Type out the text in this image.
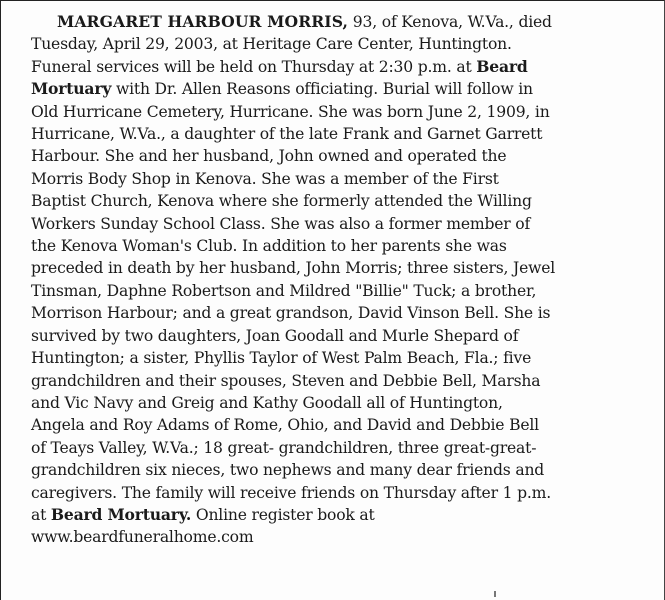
MARGARET HARBOUR MORRIS, 93, of Kenova, W.Va., died
Tuesday, April 29, 2003, at Heritage Care Center, Huntington.
Funeral services will be held on Thursday at 2:30 p.m. at Beard
Mortuary with Dr. Allen Reasons officiating. Burial will follow in
Old Hurricane Cemetery, Hurricane. She was born June 2, 1909, in
Hurricane, W.Va., a daughter of the late Frank and Garnet Garrett
Harbour. She and her husband, John owned and operated the
Morris Body Shop in Kenova. She was a member of the First
Baptist Church, Kenova where she formerly attended the Willing
Workers Sunday School Class. She was also a former member of
the Kenova Woman's Club. In addition to her parents she was
preceded in death by her husband, John Morris; three sisters, Jewel
Tinsman, Daphne Robertson and Mildred "Billie" Tuck; a brother,
Morrison Harbour; and a great grandson, David Vinson Bell. She is
survived by two daughters, Joan Goodall and Murle Shepard of
Huntington; a sister, Phyllis Taylor of West Palm Beach, Fla.; five
grandchildren and their spouses, Steven and Debbie Bell, Marsha
and Vic Navy and Greig and Kathy Goodall all of Huntington,
Angela and Roy Adams of Rome, Ohio, and David and Debbie Bell
of Teays Valley, W.Va.; 18 great- grandchildren, three great-great-
grandchildren six nieces, two nephews and many dear friends and
caregivers. The family will receive friends on Thursday after 1 p.m.
at Beard Mortuary. Online register book at
www.beardfuneralhome.com
